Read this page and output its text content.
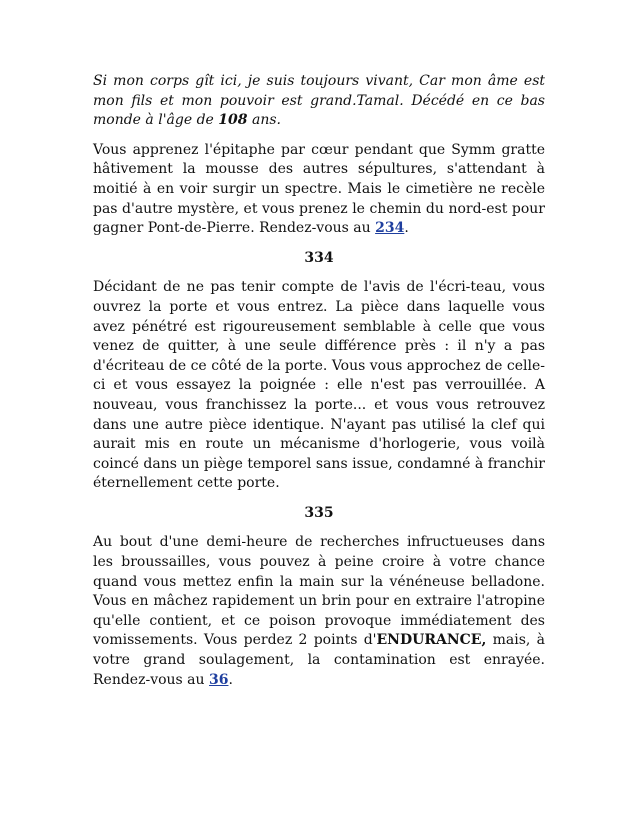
Si mon corps gît ici, je suis toujours vivant, Car mon âme est mon fils et mon pouvoir est grand.Tamal. Décédé en ce bas monde à l'âge de 108 ans.

Vous apprenez l'épitaphe par cœur pendant que Symm gratte hâtivement la mousse des autres sépultures, s'attendant à moitié à en voir surgir un spectre. Mais le cimetière ne recèle pas d'autre mystère, et vous prenez le chemin du nord-est pour gagner Pont-de-Pierre. Rendez-vous au 234.

334

Décidant de ne pas tenir compte de l'avis de l'écri-teau, vous ouvrez la porte et vous entrez. La pièce dans laquelle vous avez pénétré est rigoureusement semblable à celle que vous venez de quitter, à une seule différence près : il n'y a pas d'écriteau de ce côté de la porte. Vous vous approchez de celle-ci et vous essayez la poignée : elle n'est pas verrouillée. A nouveau, vous franchissez la porte... et vous vous retrouvez dans une autre pièce identique. N'ayant pas utilisé la clef qui aurait mis en route un mécanisme d'horlogerie, vous voilà coincé dans un piège temporel sans issue, condamné à franchir éternellement cette porte.

335

Au bout d'une demi-heure de recherches infructueuses dans les broussailles, vous pouvez à peine croire à votre chance quand vous mettez enfin la main sur la vénéneuse belladone. Vous en mâchez rapidement un brin pour en extraire l'atropine qu'elle contient, et ce poison provoque immédiatement des vomissements. Vous perdez 2 points d'ENDURANCE, mais, à votre grand soulagement, la contamination est enrayée. Rendez-vous au 36.
